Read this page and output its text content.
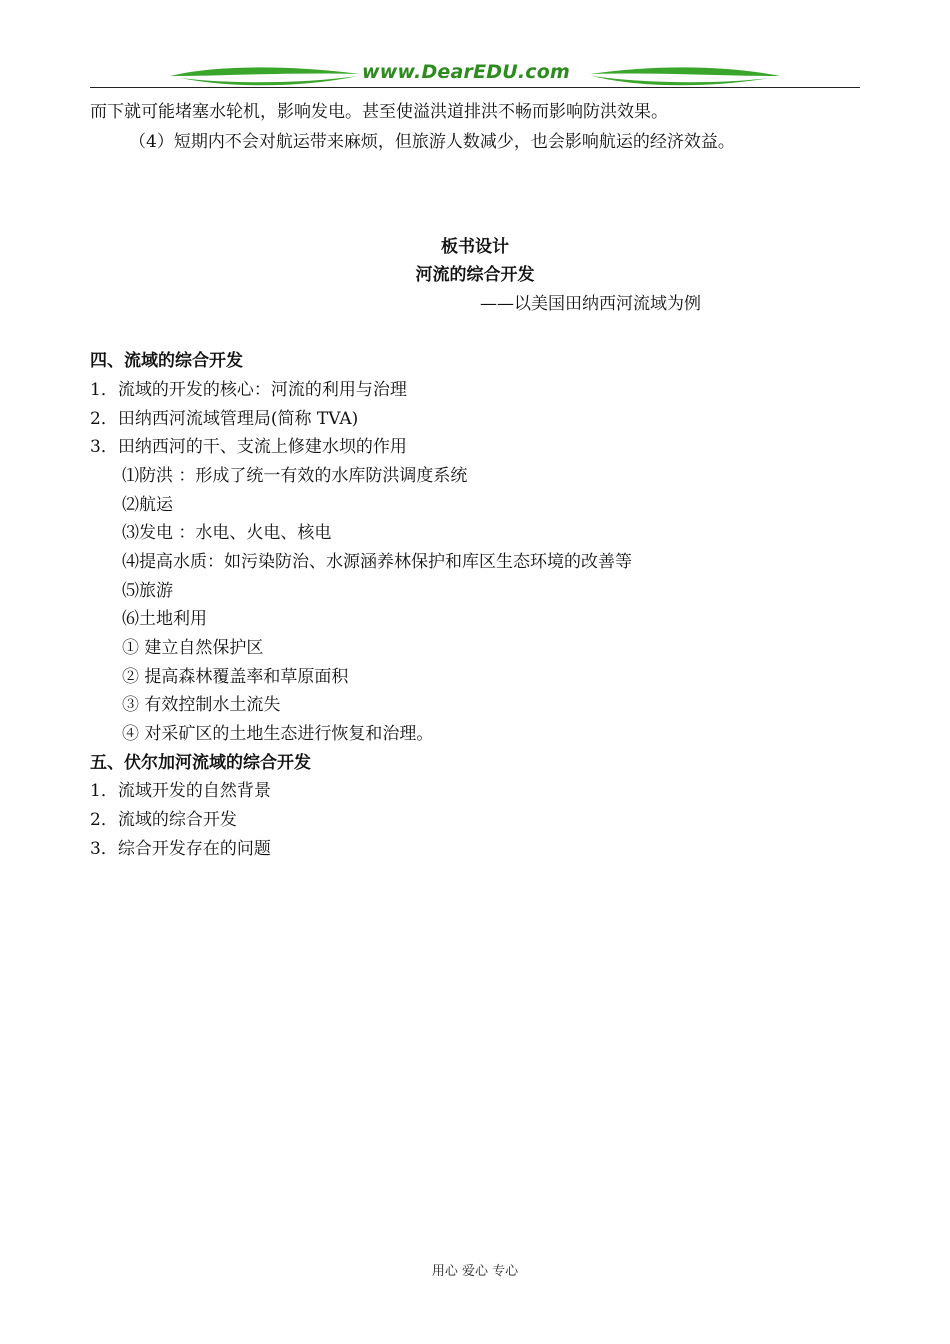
www.DearEDU.com
而下就可能堵塞水轮机，影响发电。甚至使溢洪道排洪不畅而影响防洪效果。
（4）短期内不会对航运带来麻烦，但旅游人数减少，也会影响航运的经济效益。
板书设计
河流的综合开发
——以美国田纳西河流域为例
四、流域的综合开发
1．流域的开发的核心：河流的利用与治理
2．田纳西河流域管理局(简称 TVA)
3．田纳西河的干、支流上修建水坝的作用
⑴防洪 ：形成了统一有效的水库防洪调度系统
⑵航运
⑶发电 ：水电、火电、核电
⑷提高水质：如污染防治、水源涵养林保护和库区生态环境的改善等
⑸旅游
⑹土地利用
① 建立自然保护区
② 提高森林覆盖率和草原面积
③ 有效控制水土流失
④ 对采矿区的土地生态进行恢复和治理。
五、伏尔加河流域的综合开发
1．流域开发的自然背景
2．流域的综合开发
3．综合开发存在的问题
用心 爱心 专心
